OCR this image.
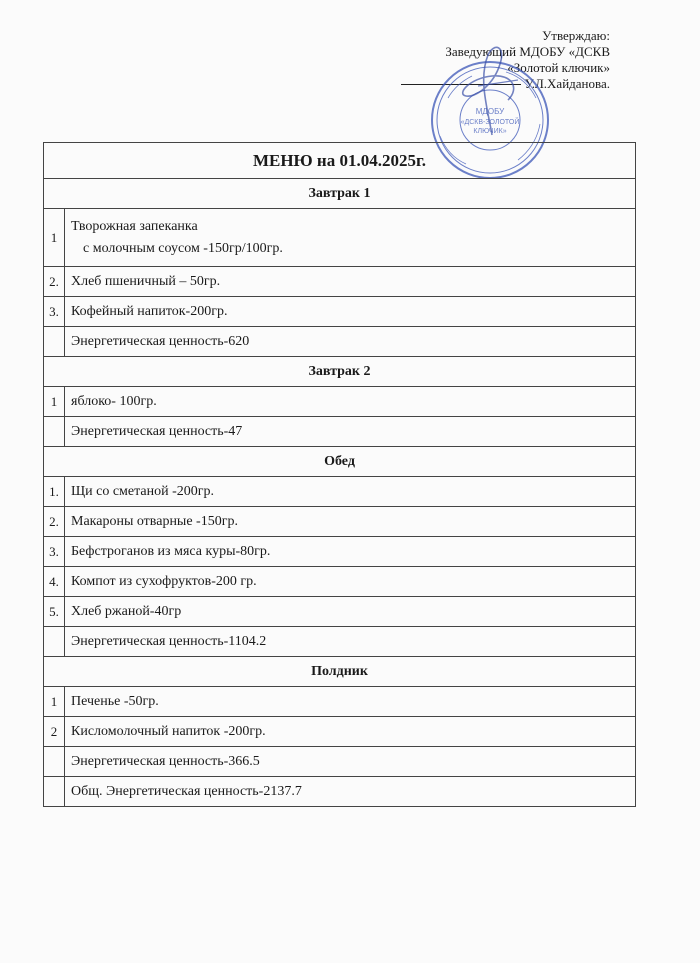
Утверждаю:
Заведующий МДОБУ «ДСКВ
«Золотой ключик»
У.Л.Хайданова.
МДОБУ
«ДСКВ-ЗОЛОТОЙ
КЛЮЧИК»
МЕНЮ на 01.04.2025г.	
Завтрак 1	
1	Творожная запеканка
с молочным соусом -150гр/100гр.

2.	Хлеб пшеничный – 50гр.
3.	Кофейный напиток-200гр.
	Энергетическая ценность-620
Завтрак 2	
1	яблоко- 100гр.
	Энергетическая ценность-47
Обед	
1.	Щи со сметаной -200гр.
2.	Макароны отварные -150гр.
3.	Бефстроганов из мяса куры-80гр.
4.	Компот из сухофруктов-200 гр.
5.	Хлеб ржаной-40гр
	Энергетическая ценность-1104.2
Полдник	
1	Печенье -50гр.
2	Кисломолочный напиток -200гр.
	Энергетическая ценность-366.5
	Общ. Энергетическая ценность-2137.7
